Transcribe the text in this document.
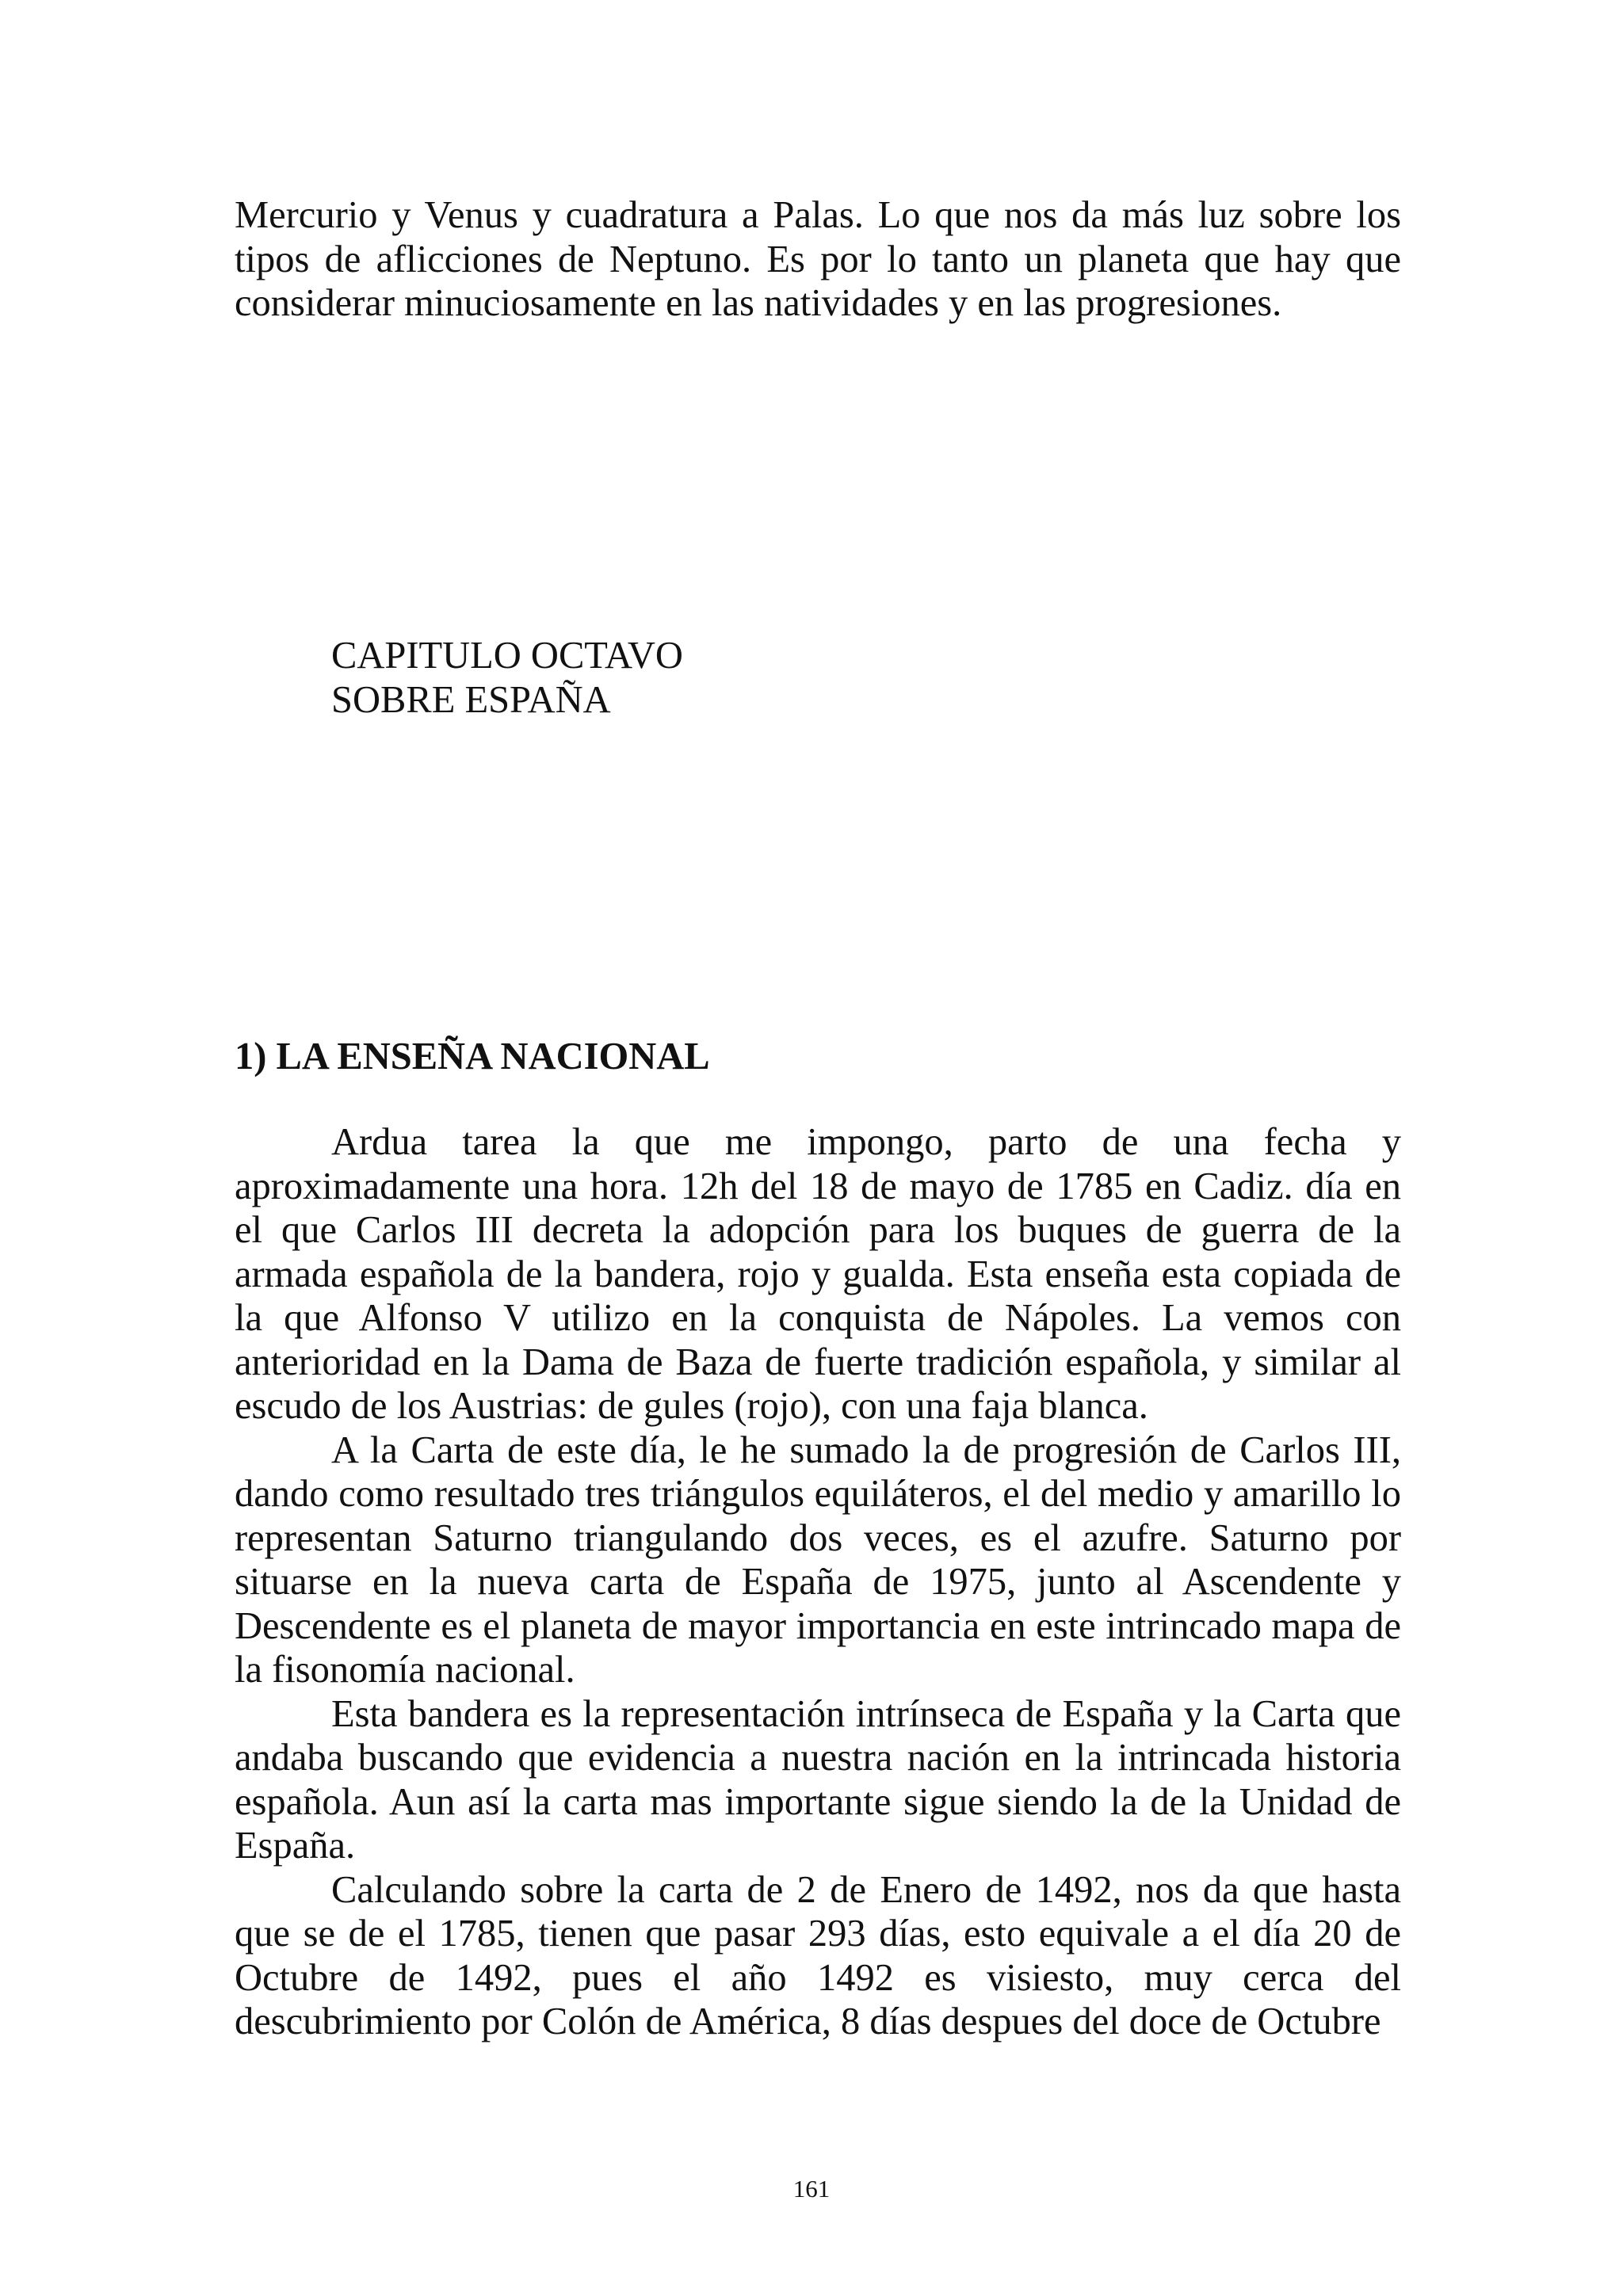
Mercurio y Venus y cuadratura a Palas. Lo que nos da más luz sobre los tipos de aflicciones de Neptuno. Es por lo tanto un planeta que hay que considerar minuciosamente en las natividades y en las progresiones.

CAPITULO OCTAVO
SOBRE ESPAÑA
1) LA ENSEÑA NACIONAL

Ardua tarea la que me impongo, parto de una fecha y aproximadamente una hora. 12h del 18 de mayo de 1785 en Cadiz. día en el que Carlos III decreta la adopción para los buques de guerra de la armada española de la bandera, rojo y gualda. Esta enseña esta copiada de la que Alfonso V utilizo en la conquista de Nápoles. La vemos con anterioridad en la Dama de Baza de fuerte tradición española, y similar al escudo de los Austrias: de gules (rojo), con una faja blanca.

A la Carta de este día, le he sumado la de progresión de Carlos III, dando como resultado tres triángulos equiláteros, el del medio y amarillo lo representan Saturno triangulando dos veces, es el azufre. Saturno por situarse en la nueva carta de España de 1975, junto al Ascendente y Descendente es el planeta de mayor importancia en este intrincado mapa de la fisonomía nacional.

Esta bandera es la representación intrínseca de España y la Carta que andaba buscando que evidencia a nuestra nación en la intrincada historia española. Aun así la carta mas importante sigue siendo la de la Unidad de España.

Calculando sobre la carta de 2 de Enero de 1492, nos da que hasta que se de el 1785, tienen que pasar 293 días, esto equivale a el día 20 de Octubre de 1492, pues el año 1492 es visiesto, muy cerca del descubrimiento por Colón de América, 8 días despues del doce de Octubre

161
